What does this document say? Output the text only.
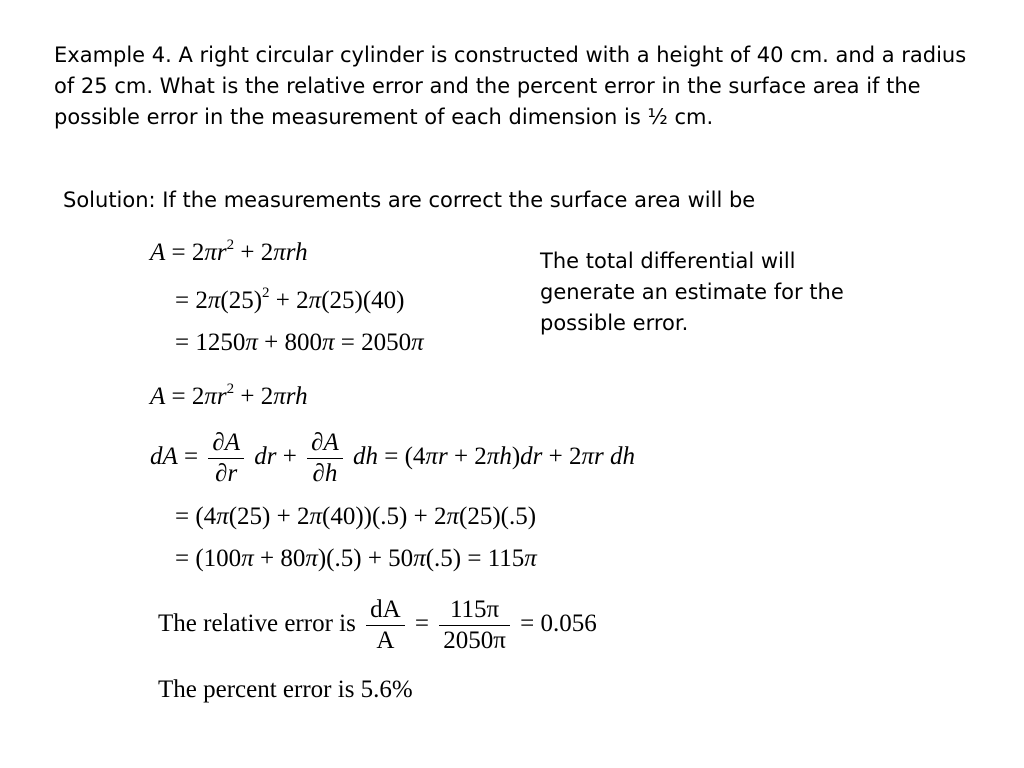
Example 4. A right circular cylinder is constructed with a height of 40 cm. and a radius of 25 cm. What is the relative error and the percent error in the surface area if the possible error in the measurement of each dimension is ½ cm.

Solution: If the measurements are correct the surface area will be

The total differential will generate an estimate for the possible error.

$A = 2\pi r^2 + 2\pi rh$
= $2\pi(25)^2 + 2\pi(25)(40)$
= 1250π + 800π = 2050π
$A = 2\pi r^2 + 2\pi rh$
dA = $\frac{\partial A}{\partial r}$ dr + $\frac{\partial A}{\partial h}$ dh = (4πr + 2πh)dr + 2πr dh
= (4π(25) + 2π(40))(.5) + 2π(25)(.5)
= (100π + 80π)(.5) + 50π(.5) = 115π
The relative error is $\frac{dA}{A} = \frac{115\pi}{2050\pi} = 0.056$
The percent error is 5.6%
